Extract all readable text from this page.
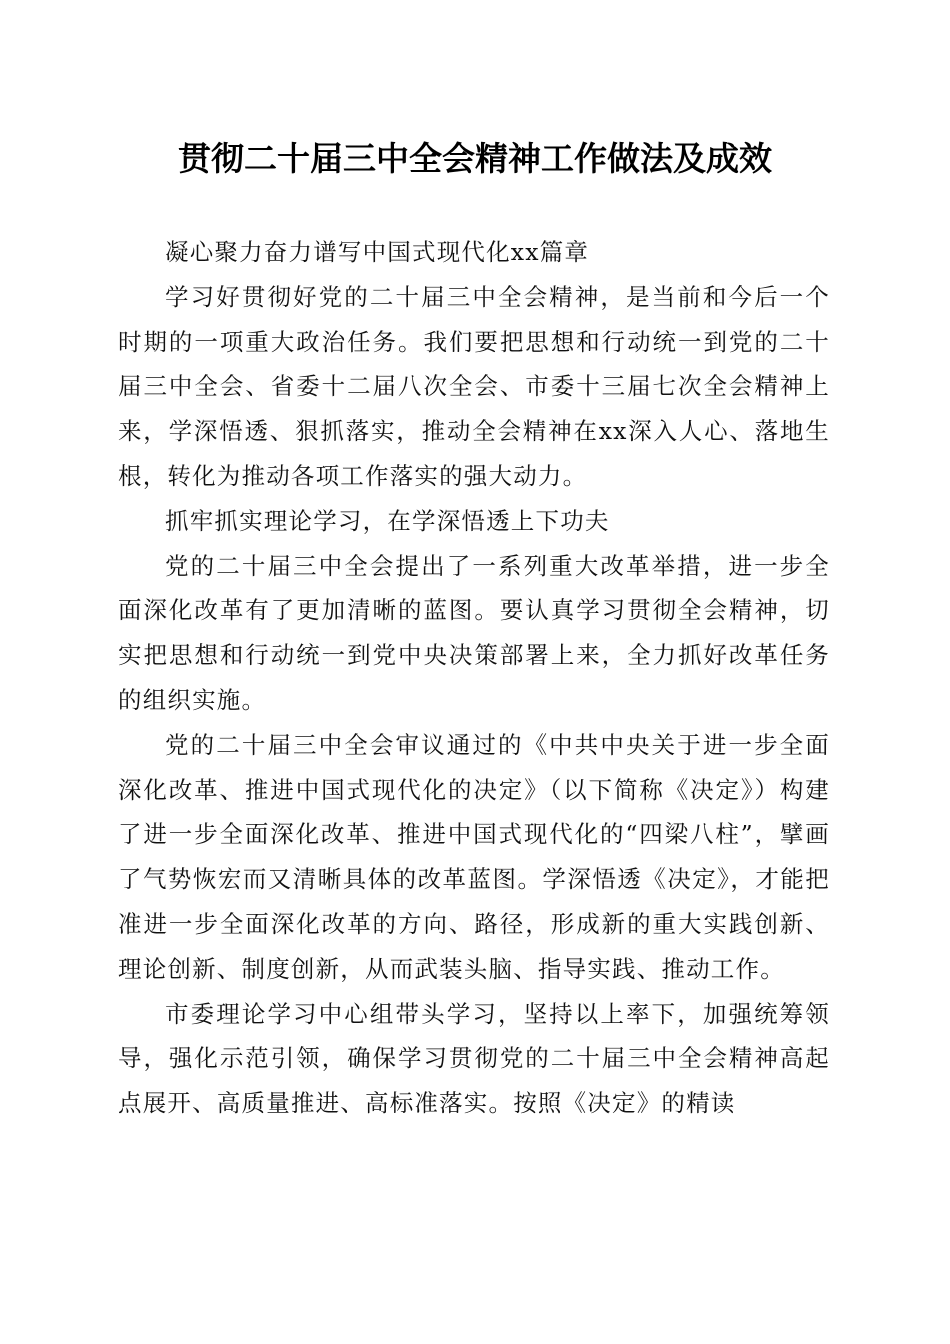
贯彻二十届三中全会精神工作做法及成效

凝心聚力奋力谱写中国式现代化xx篇章

学习好贯彻好党的二十届三中全会精神，是当前和今后一个时期的一项重大政治任务。我们要把思想和行动统一到党的二十届三中全会、省委十二届八次全会、市委十三届七次全会精神上来，学深悟透、狠抓落实，推动全会精神在xx深入人心、落地生根，转化为推动各项工作落实的强大动力。

抓牢抓实理论学习，在学深悟透上下功夫

党的二十届三中全会提出了一系列重大改革举措，进一步全面深化改革有了更加清晰的蓝图。要认真学习贯彻全会精神，切实把思想和行动统一到党中央决策部署上来，全力抓好改革任务的组织实施。

党的二十届三中全会审议通过的《中共中央关于进一步全面深化改革、推进中国式现代化的决定》（以下简称《决定》）构建了进一步全面深化改革、推进中国式现代化的“四梁八柱”，擘画了气势恢宏而又清晰具体的改革蓝图。学深悟透《决定》，才能把准进一步全面深化改革的方向、路径，形成新的重大实践创新、理论创新、制度创新，从而武装头脑、指导实践、推动工作。

市委理论学习中心组带头学习，坚持以上率下，加强统筹领导，强化示范引领，确保学习贯彻党的二十届三中全会精神高起点展开、高质量推进、高标准落实。按照《决定》的精读
